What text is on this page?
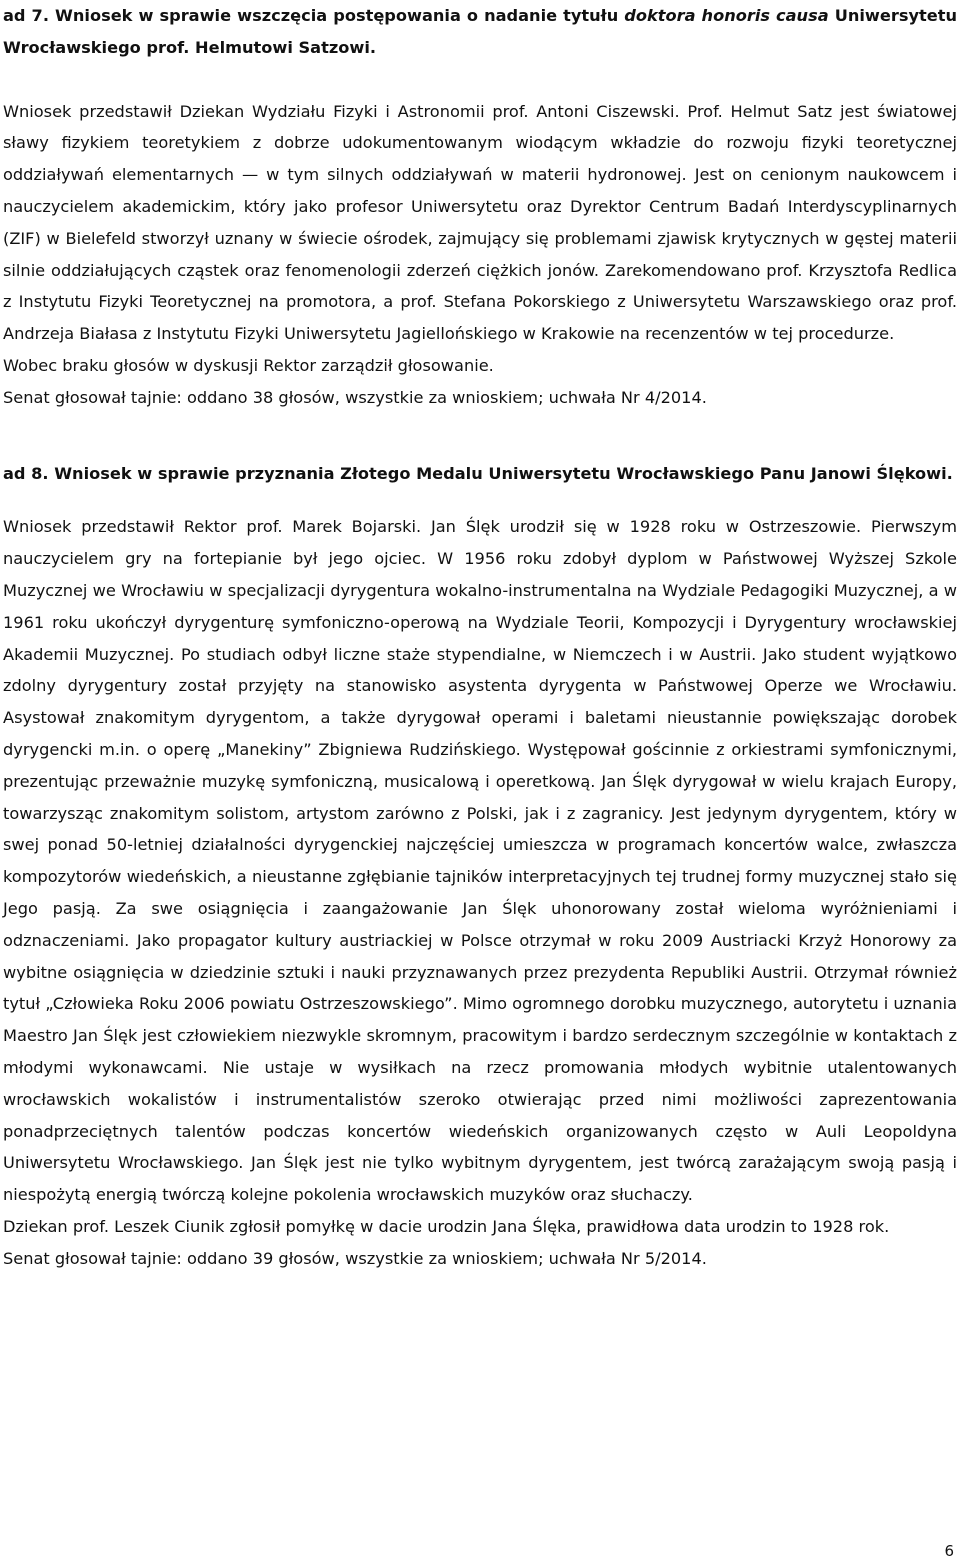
ad 7. Wniosek w sprawie wszczęcia postępowania o nadanie tytułu doktora honoris causa Uniwersytetu Wrocławskiego prof. Helmutowi Satzowi.

Wniosek przedstawił Dziekan Wydziału Fizyki i Astronomii prof. Antoni Ciszewski. Prof. Helmut Satz jest światowej sławy fizykiem teoretykiem z dobrze udokumentowanym wiodącym wkładzie do rozwoju fizyki teoretycznej oddziaływań elementarnych — w tym silnych oddziaływań w materii hydronowej. Jest on cenionym naukowcem i nauczycielem akademickim, który jako profesor Uniwersytetu oraz Dyrektor Centrum Badań Interdyscyplinarnych (ZIF) w Bielefeld stworzył uznany w świecie ośrodek, zajmujący się problemami zjawisk krytycznych w gęstej materii silnie oddziałujących cząstek oraz fenomenologii zderzeń ciężkich jonów. Zarekomendowano prof. Krzysztofa Redlica z Instytutu Fizyki Teoretycznej na promotora, a prof. Stefana Pokorskiego z Uniwersytetu Warszawskiego oraz prof. Andrzeja Białasa z Instytutu Fizyki Uniwersytetu Jagiellońskiego w Krakowie na recenzentów w tej procedurze.

Wobec braku głosów w dyskusji Rektor zarządził głosowanie.

Senat głosował tajnie: oddano 38 głosów, wszystkie za wnioskiem; uchwała Nr 4/2014.

ad 8. Wniosek w sprawie przyznania Złotego Medalu Uniwersytetu Wrocławskiego Panu Janowi Ślękowi.

Wniosek przedstawił Rektor prof. Marek Bojarski. Jan Ślęk urodził się w 1928 roku w Ostrzeszowie. Pierwszym nauczycielem gry na fortepianie był jego ojciec. W 1956 roku zdobył dyplom w Państwowej Wyższej Szkole Muzycznej we Wrocławiu w specjalizacji dyrygentura wokalno-instrumentalna na Wydziale Pedagogiki Muzycznej, a w 1961 roku ukończył dyrygenturę symfoniczno-operową na Wydziale Teorii, Kompozycji i Dyrygentury wrocławskiej Akademii Muzycznej. Po studiach odbył liczne staże stypendialne, w Niemczech i w Austrii. Jako student wyjątkowo zdolny dyrygentury został przyjęty na stanowisko asystenta dyrygenta w Państwowej Operze we Wrocławiu. Asystował znakomitym dyrygentom, a także dyrygował operami i baletami nieustannie powiększając dorobek dyrygencki m.in. o operę „Manekiny” Zbigniewa Rudzińskiego. Występował gościnnie z orkiestrami symfonicznymi, prezentując przeważnie muzykę symfoniczną, musicalową i operetkową. Jan Ślęk dyrygował w wielu krajach Europy, towarzysząc znakomitym solistom, artystom zarówno z Polski, jak i z zagranicy. Jest jedynym dyrygentem, który w swej ponad 50-letniej działalności dyrygenckiej najczęściej umieszcza w programach koncertów walce, zwłaszcza kompozytorów wiedeńskich, a nieustanne zgłębianie tajników interpretacyjnych tej trudnej formy muzycznej stało się Jego pasją. Za swe osiągnięcia i zaangażowanie Jan Ślęk uhonorowany został wieloma wyróżnieniami i odznaczeniami. Jako propagator kultury austriackiej w Polsce otrzymał w roku 2009 Austriacki Krzyż Honorowy za wybitne osiągnięcia w dziedzinie sztuki i nauki przyznawanych przez prezydenta Republiki Austrii. Otrzymał również tytuł „Człowieka Roku 2006 powiatu Ostrzeszowskiego”. Mimo ogromnego dorobku muzycznego, autorytetu i uznania Maestro Jan Ślęk jest człowiekiem niezwykle skromnym, pracowitym i bardzo serdecznym szczególnie w kontaktach z młodymi wykonawcami. Nie ustaje w wysiłkach na rzecz promowania młodych wybitnie utalentowanych wrocławskich wokalistów i instrumentalistów szeroko otwierając przed nimi możliwości zaprezentowania ponadprzeciętnych talentów podczas koncertów wiedeńskich organizowanych często w Auli Leopoldyna Uniwersytetu Wrocławskiego. Jan Ślęk jest nie tylko wybitnym dyrygentem, jest twórcą zarażającym swoją pasją i niespożytą energią twórczą kolejne pokolenia wrocławskich muzyków oraz słuchaczy.

Dziekan prof. Leszek Ciunik zgłosił pomyłkę w dacie urodzin Jana Ślęka, prawidłowa data urodzin to 1928 rok.

Senat głosował tajnie: oddano 39 głosów, wszystkie za wnioskiem; uchwała Nr 5/2014.

6
